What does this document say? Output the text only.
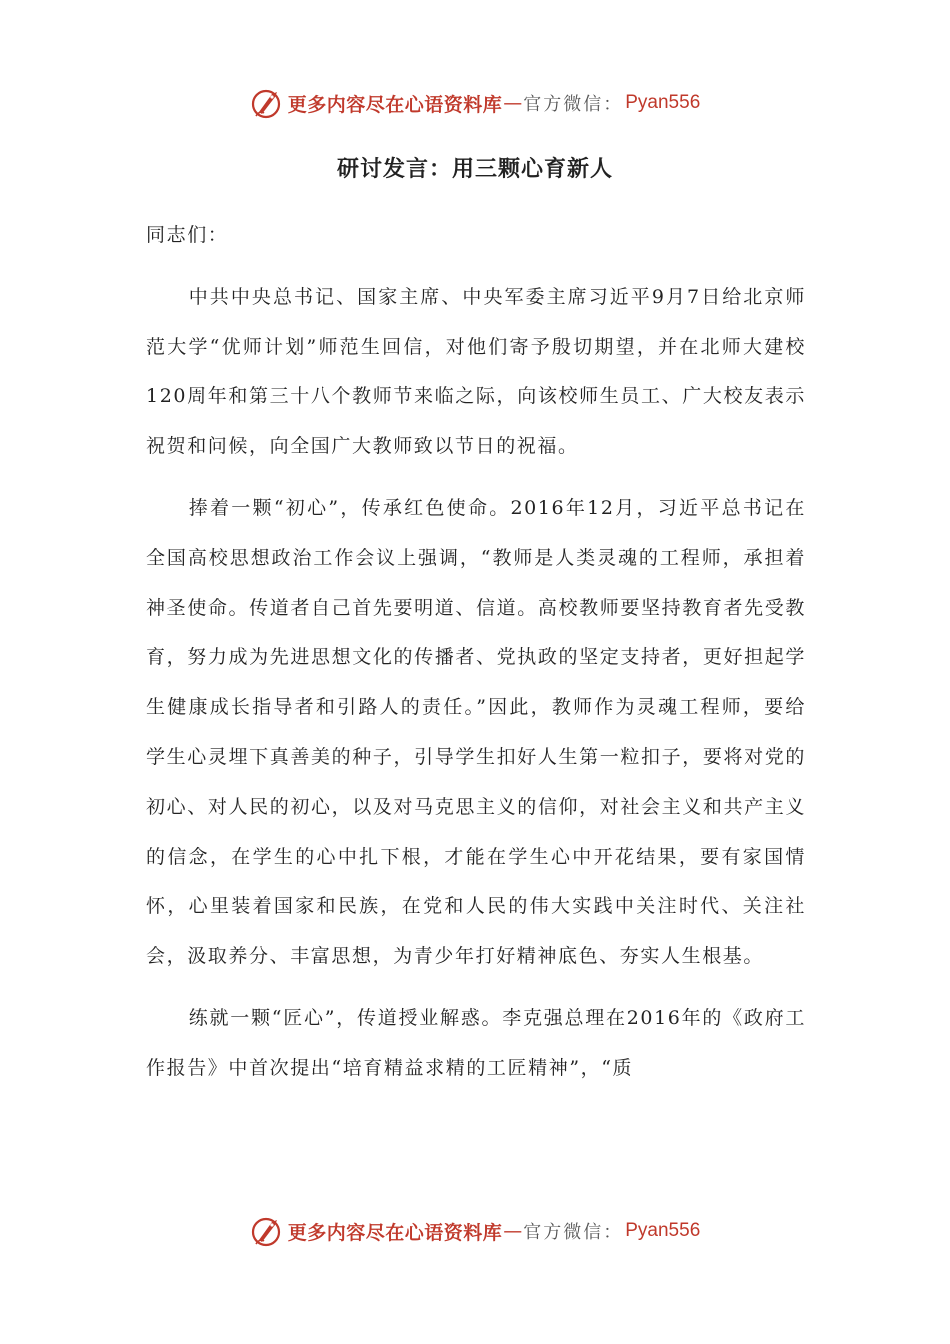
更多内容尽在心语资料库 — 官方微信： Pyan556
研讨发言：用三颗心育新人

同志们：

中共中央总书记、国家主席、中央军委主席习近平9月7日给北京师范大学“优师计划”师范生回信，对他们寄予殷切期望，并在北师大建校120周年和第三十八个教师节来临之际，向该校师生员工、广大校友表示祝贺和问候，向全国广大教师致以节日的祝福。

捧着一颗“初心”，传承红色使命。2016年12月，习近平总书记在全国高校思想政治工作会议上强调，“教师是人类灵魂的工程师，承担着神圣使命。传道者自己首先要明道、信道。高校教师要坚持教育者先受教育，努力成为先进思想文化的传播者、党执政的坚定支持者，更好担起学生健康成长指导者和引路人的责任。”因此，教师作为灵魂工程师，要给学生心灵埋下真善美的种子，引导学生扣好人生第一粒扣子，要将对党的初心、对人民的初心，以及对马克思主义的信仰，对社会主义和共产主义的信念，在学生的心中扎下根，才能在学生心中开花结果，要有家国情怀，心里装着国家和民族，在党和人民的伟大实践中关注时代、关注社会，汲取养分、丰富思想，为青少年打好精神底色、夯实人生根基。

练就一颗“匠心”，传道授业解惑。李克强总理在2016年的《政府工作报告》中首次提出“培育精益求精的工匠精神”，“质

更多内容尽在心语资料库 — 官方微信： Pyan556
